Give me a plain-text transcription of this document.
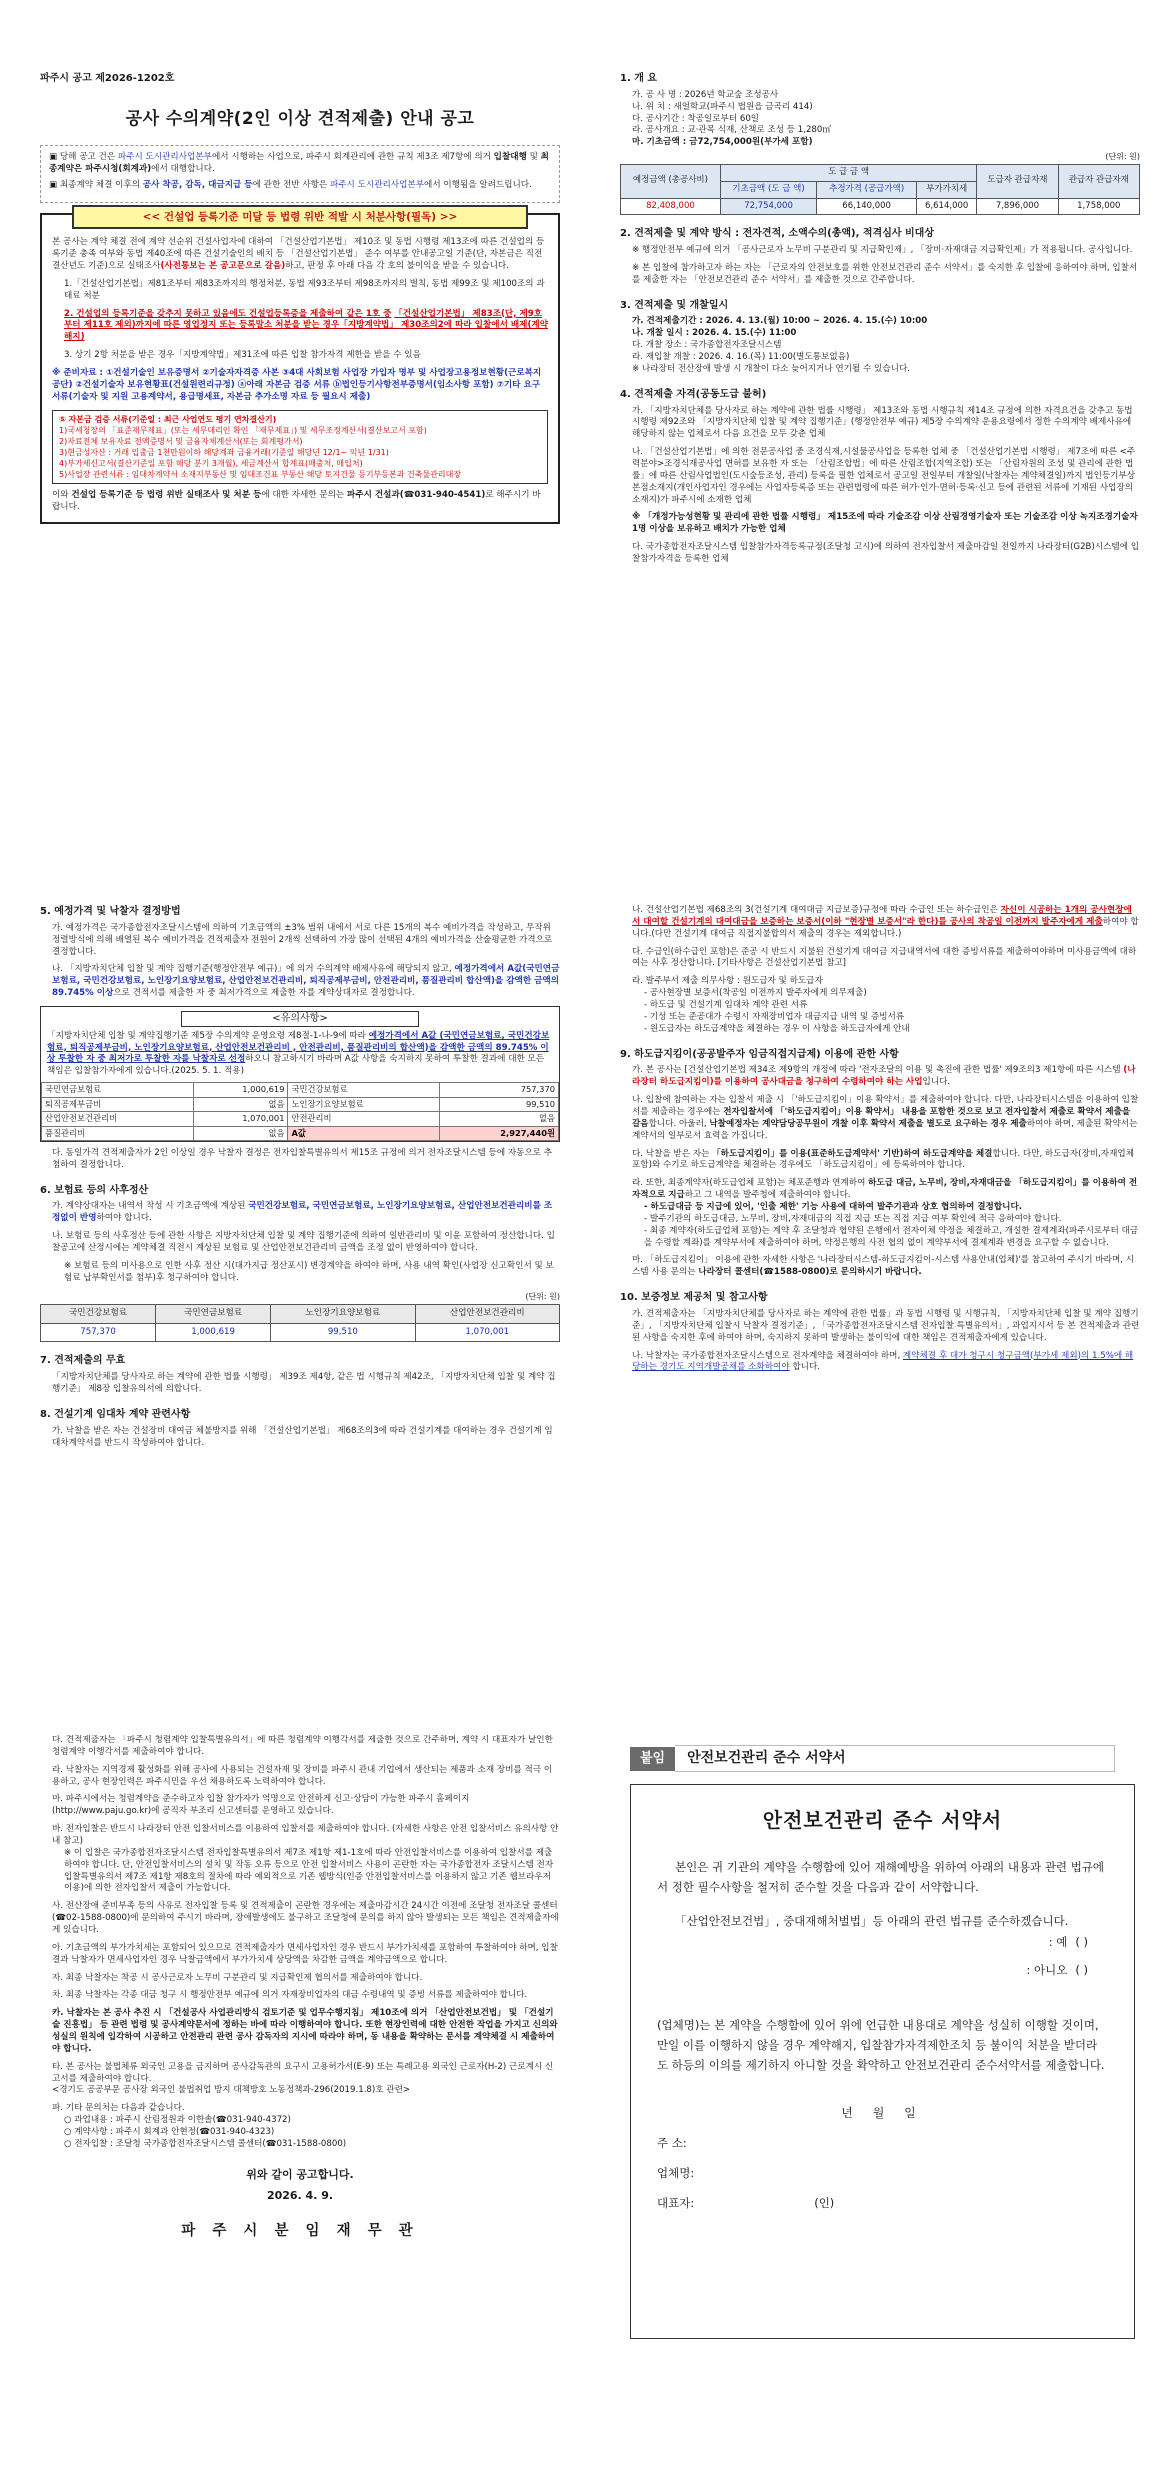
파주시 공고 제2026-1202호
공사 수의계약(2인 이상 견적제출) 안내 공고

▣ 당해 공고 건은 파주시 도시관리사업본부에서 시행하는 사업으로, 파주시 회계관리에 관한 규칙 제3조 제7항에 의거 입찰대행 및 최종계약은 파주시청(회계과)에서 대행합니다.

▣ 최종계약 체결 이후의 공사 착공, 감독, 대금지급 등에 관한 전반 사항은 파주시 도시관리사업본부에서 이행됨을 알려드립니다.

<< 건설업 등록기준 미달 등 법령 위반 적발 시 처분사항(필독) >>

본 공사는 계약 체결 전에 계약 선순위 건설사업자에 대하여 「건설산업기본법」 제10조 및 동법 시행령 제13조에 따른 건설업의 등록기준 충족 여부와 동법 제40조에 따른 건설기술인의 배치 등 「건설산업기본법」 준수 여부를 안내공고일 기준(단, 자본금은 직전결산년도 기준)으로 실태조사(사전통보는 본 공고문으로 갈음)하고, 판정 후 아래 다음 각 호의 불이익을 받을 수 있습니다.

1.「건설산업기본법」제81조부터 제83조까지의 행정처분, 동법 제93조부터 제98조까지의 벌칙, 동법 제99조 및 제100조의 과태료 처분

2. 건설업의 등록기준을 갖추지 못하고 있음에도 건설업등록증을 제출하여 같은 1호 중 「건설산업기본법」 제83조(단, 제9호부터 제11호 제외)까지에 따른 영업정지 또는 등록말소 처분을 받는 경우「지방계약법」 제30조의2에 따라 입찰에서 배제(계약 해지)

3. 상기 2항 처분을 받은 경우「지방계약법」제31조에 따른 입찰 참가자격 제한을 받을 수 있음

※ 준비자료 : ①건설기술인 보유증명서 ②기술자자격증 사본 ③4대 사회보험 사업장 가입자 명부 및 사업장고용정보현황(근로복지공단) ②건설기술자 보유현황표(건설원련리규정) ⓐ아래 자본금 검증 서류 ⓑ법인등기사항전부증명서(임소사항 포함) ⑦기타 요구서류(기술자 및 지원 고용계약서, 용급명세표, 자본금 추가소명 자료 등 필요시 제출)

⑤ 자본금 검증 서류(기준일 : 최근 사업연도 평기 연차결산기)
1)국세청장의 「표준재무제표」(또는 세무대리인 확인 「재무제표」) 및 세무조정계산서(결산보고서 포함)
2)자료전체 보유자료 전액증명서 및 금융자체계산서(또는 회계평가서)
3)현금성자산 : 거래 입출금 1천만원이하 해당계좌 금융거래(기준일 해당년 12/1~ 익년 1/31)
4)부가세신고서(결산기준일 포함 해당 분기 3개월), 세금계산서 합계표(매출처, 매입처)
5)사업장 관련서류 : 임대차계약서 소재지부동산 및 임대조건표 부동산 해당 토지건물 등기부등본과 건축물관리대장

이와 건설업 등록기준 등 법령 위반 실태조사 및 처분 등에 대한 자세한 문의는 파주시 건설과(☎031-940-4541)로 해주시기 바랍니다.

1. 개 요
가. 공 사 명 : 2026년 학교숲 조성공사
나. 위 치 : 새얼학교(파주시 법원읍 금곡리 414)
다. 공사기간 : 착공일로부터 60일
라. 공사개요 : 교·관목 식재, 산책로 조성 등 1,280㎡
마. 기초금액 : 금72,754,000원(부가세 포함)
(단위: 원)
예정금액 (총공사비)	도 급 금 액			도급자 관급자재	관급자 관급자재
	기초금액 (도 급 액)	추정가격 (공급가액)	부가가치세		
82,408,000	72,754,000	66,140,000	6,614,000	7,896,000	1,758,000
2. 견적제출 및 계약 방식 : 전자견적, 소액수의(총액), 적격심사 비대상

※ 행정안전부 예규에 의거 「공사근로자 노무비 구분관리 및 지급확인제」, 「장비·자재대금 지급확인제」가 적용됩니다. 공사입니다.

※ 본 입찰에 참가하고자 하는 자는 「근로자의 안전보호를 위한 안전보건관리 준수 서약서」를 숙지한 후 입찰에 응하여야 하며, 입찰서를 제출한 자는 「안전보건관리 준수 서약서」를 제출한 것으로 간주합니다.

3. 견적제출 및 개찰일시
가. 견적제출기간 : 2026. 4. 13.(월) 10:00 ~ 2026. 4. 15.(수) 10:00
나. 개찰 일시 : 2026. 4. 15.(수) 11:00
다. 개찰 장소 : 국가종합전자조달시스템
라. 재입찰 개찰 : 2026. 4. 16.(목) 11:00(별도통보없음)
※ 나라장터 전산장애 발생 시 개찰이 다소 늦어지거나 연기될 수 있습니다.
4. 견적제출 자격(공동도급 불허)

가. 「지방자치단체를 당사자로 하는 계약에 관한 법률 시행령」 제13조와 동법 시행규칙 제14조 규정에 의한 자격요건을 갖추고 동법 시행령 제92조와 「지방자치단체 입찰 및 계약 집행기준」(행정안전부 예규) 제5장 수의계약 운용요령에서 정한 수의계약 배제사유에 해당하지 않는 업체로서 다음 요건을 모두 갖춘 업체

나. 「건설산업기본법」에 의한 전문공사업 중 조경식재,시설물공사업을 등록한 업체 중 「건설산업기본법 시행령」 제7조에 따른 <주력분야>조경식재공사업 면허를 보유한 자 또는 「산림조합법」에 따른 산림조합(지역조합) 또는 「산림자원의 조성 및 관리에 관한 법률」에 따른 산림사업법인(도시숲등조성, 관리) 등록을 필한 업체로서 공고일 전일부터 개찰일(낙찰자는 계약체결일)까지 법인등기부상 본점소재지(개인사업자인 경우에는 사업자등록증 또는 관련법령에 따른 허가·인가·면허·등록·신고 등에 관련된 서류에 기재된 사업장의 소재지)가 파주시에 소재한 업체

※ 「개정가능성현황 및 관리에 관한 법률 시행령」 제15조에 따라 기술조감 이상 산림경영기술자 또는 기술조감 이상 녹지조경기술자 1명 이상을 보유하고 배치가 가능한 업체

다. 국가종합전자조달시스템 입찰참가자격등록규정(조달청 고시)에 의하여 전자입찰서 제출마감일 전일까지 나라장터(G2B)시스템에 입찰참가자격을 등록한 업체

5. 예정가격 및 낙찰자 결정방법

가. 예정가격은 국가종합전자조달시스템에 의하여 기초금액의 ±3% 범위 내에서 서로 다른 15개의 복수 예비가격을 작성하고, 무작위 정렬방식에 의해 배열된 복수 예비가격을 견적제출자 전원이 2개씩 선택하여 가장 많이 선택된 4개의 예비가격을 산술평균한 가격으로 결정합니다.

나. 「지방자치단체 입찰 및 계약 집행기준(행정안전부 예규)」에 의거 수의계약 배제사유에 해당되지 않고, 예정가격에서 A값(국민연금보험료, 국민건강보험료, 노인장기요양보험료, 산업안전보건관리비, 퇴직공제부금비, 안전관리비, 품질관리비 합산액)을 감액한 금액의 89.745% 이상으로 견적서를 제출한 자 중 최저가격으로 제출한 자를 계약상대자로 결정합니다.

<유의사항>

「지방자치단체 입찰 및 계약집행기준 제5장 수의계약 운영요령 제8절-1-나-9에 따라 예정가격에서 A값 (국민연금보험료, 국민건강보험료, 퇴직공제부금비, 노인장기요양보험료, 산업안전보건관리비 , 안전관리비, 품질관리비의 합산액)을 감액한 금액의 89.745% 이상 투찰한 자 중 최저가로 투찰한 자를 낙찰자로 선정하오니 참고하시기 바라며 A값 사항을 숙지하지 못하여 투찰한 결과에 대한 모든 책임은 입찰참가자에게 있습니다.(2025. 5. 1. 적용)

국민연금보험료	1,000,619	국민건강보험료	757,370
퇴직공제부금비	없음	노인장기요양보험료	99,510
산업안전보건관리비	1,070,001	안전관리비	없음
품질관리비	없음	A값	2,927,440원

다. 동일가격 견적제출자가 2인 이상일 경우 낙찰자 결정은 전자입찰특별유의서 제15조 규정에 의거 전자조달시스템 등에 자동으로 추첨하여 결정합니다.

6. 보험료 등의 사후정산

가. 계약상대자는 내역서 작성 시 기초금액에 계상된 국민건강보험료, 국민연금보험료, 노인장기요양보험료, 산업안전보건관리비를 조정없이 반영하여야 합니다.

나. 보험료 등의 사후정산 등에 관한 사항은 지방자치단체 입찰 및 계약 집행기준에 의하여 일반관리비 및 이윤 포함하여 정산합니다. 입찰공고에 산정시에는 계약체결 직전시 계상된 보험료 및 산업안전보건관리비 금액을 조정 없이 반영하여야 합니다.

※ 보험료 등의 미사용으로 인한 사후 정산 시(대가지급 정산포시) 변경계약을 하여야 하며, 사용 내역 확인(사업장 신고확인서 및 보험료 납부확인서를 첨부)후 청구하여야 합니다.

(단위: 원)
국민건강보험료	국민연금보험료	노인장기요양보험료	산업안전보건관리비
757,370	1,000,619	99,510	1,070,001
7. 견적제출의 무효

「지방자치단체를 당사자로 하는 계약에 관한 법률 시행령」 제39조 제4항, 같은 법 시행규칙 제42조, 「지방자치단체 입찰 및 계약 집행기준」 제8장 입찰유의서에 의합니다.

8. 건설기계 임대차 계약 관련사항

가. 낙찰을 받은 자는 건설장비 대여금 체불방지를 위해 「건설산업기본법」 제68조의3에 따라 건설기계를 대여하는 경우 건설기계 임대차계약서를 반드시 작성하여야 합니다.

나. 건설산업기본법 제68조의 3(건설기계 대여대금 지급보증)규정에 따라 수급인 또는 하수급인은 자신이 시공하는 1개의 공사현장에서 대여할 건설기계의 대여대금을 보증하는 보증서(이하 "현장별 보증서"라 한다)를 공사의 착공일 이전까지 발주자에게 제출하여야 합니다.(다만 건설기계 대여금 직접지불합의서 제출의 경우는 제외합니다.)

다. 수급인(하수급인 포함)은 준공 시 반드시 지불된 건설기계 대여금 지급내역서에 대한 증빙서류를 제출하여야하며 미사용금액에 대하여는 사후 정산합니다. [기타사항은 건설산업기본법 참고]

라. 발주부서 제출 의무사항 : 원도급자 및 하도급자

- 공사현장별 보증서(착공일 이전까지 발주자에게 의무제출)
- 하도급 및 건설기계 임대차 계약 관련 서류
- 기성 또는 준공대가 수령시 자재장비업자 대금지급 내역 및 증빙서류
- 원도급자는 하도급계약을 체결하는 경우 이 사항을 하도급자에게 안내
9. 하도급지킴이(공공발주자 임금직접지급제) 이용에 관한 사항

가. 본 공사는 [건설산업기본법 제34조 제9항의 개정에 따라 '전자조달의 이용 및 촉진에 관한 법률' 제9조의3 제1항에 따른 시스템 (나라장터 하도급지킴이)를 이용하여 공사대금을 청구하여 수령하여야 하는 사업입니다.

나. 입찰에 참여하는 자는 입찰서 제출 시 「'하도급지킴이」이용 확약서」를 제출하여야 합니다. 다만, 나라장터시스템을 이용하여 입찰서를 제출하는 경우에는 전자입찰서에 「'하도급지킴이」이용 확약서」 내용을 포함한 것으로 보고 전자입찰서 제출로 확약서 제출을 갈음합니다. 아울러, 낙찰예정자는 계약담당공무원이 개찰 이후 확약서 제출을 별도로 요구하는 경우 제출하여야 하며, 제출된 확약서는 계약서의 일부로서 효력을 가집니다.

다. 낙찰을 받은 자는 「하도급지킴이」를 이용(표준하도급계약서' 기반)하여 하도급계약을 체결합니다. 다만, 하도급자(장비,자재업체 포함)와 수기로 하도급계약을 체결하는 경우에도 「하도급지킴이」에 등록하여야 합니다.

라. 또한, 최종계약자(하도급업체 포함)는 체포준행과 연계하여 하도급 대금, 노무비, 장비,자재대금을 「하도급지킴이」를 이용하여 전자적으로 지급하고 그 내역을 발주청에 제출하여야 합니다.

- 하도급대금 등 지급에 있어, '인출 제한' 기능 사용에 대하여 발주기관과 상호 협의하여 결정합니다.
- 발주기관의 하도급대금, 노무비, 장비,자재대금의 직접 지급 또는 직접 지급 여부 확인에 적극 응하여야 합니다.
- 최종 계약자(하도급업체 포함)는 계약 후 조달청과 협약된 은행에서 전자이체 약정을 체결하고, 개설한 결제계좌(파주시로부터 대금을 수령할 계좌)를 계약부서에 제출하여야 하며, 약정은행의 사전 협의 없이 계약부서에 결제계좌 변경을 요구할 수 없습니다.

마. 「하도급지킴이」 이용에 관한 자세한 사항은 '나라장터시스템-하도급지킴이-시스템 사용안내(업체)'를 참고하여 주시기 바라며, 시스템 사용 문의는 나라장터 콜센터(☎1588-0800)로 문의하시기 바랍니다.

10. 보증정보 제공처 및 참고사항

가. 견적제출자는 「지방자치단체를 당사자로 하는 계약에 관한 법률」과 동법 시행령 및 시행규칙, 「지방자치단체 입찰 및 계약 집행기준」, 「지방자치단체 입찰시 낙찰자 결정기준」, 「국가종합전자조달시스템 전자입찰 특별유의서」, 과업지시서 등 본 견적제출과 관련된 사항을 숙지한 후에 하여야 하며, 숙지하지 못하여 발생하는 불이익에 대한 책임은 견적제출자에게 있습니다.

나. 낙찰자는 국가종합전자조달시스템으로 전자계약을 체결하여야 하며, 계약체결 후 대가 청구시 청구금액(부가세 제외)의 1.5%에 해당하는 경기도 지역개발공채를 소화하여야 합니다.

다. 견적제출자는 「파주시 청렴계약 입찰특별유의서」에 따른 청렴계약 이행각서를 제출한 것으로 간주하며, 계약 시 대표자가 날인한 청렴계약 이행각서를 제출하여야 합니다.

라. 낙찰자는 지역경제 활성화를 위해 공사에 사용되는 건설자재 및 장비를 파주시 관내 기업에서 생산되는 제품과 소재 장비를 적극 이용하고, 공사 현장인력은 파주시민을 우선 채용하도록 노력하여야 합니다.

마. 파주시에서는 청렴계약을 준수하고자 입찰 참가자가 억명으로 안전하게 신고·상담이 가능한 파주시 홈페이지(http://www.paju.go.kr)에 공직자 부조리 신고센터를 운영하고 있습니다.

바. 전자입찰은 반드시 나라장터 안전 입찰서비스를 이용하여 입찰서를 제출하여야 합니다. (자세한 사항은 안전 입찰서비스 유의사항 안내 참고)

※ 이 입찰은 국가종합전자조달시스템 전자입찰특별유의서 제7조 제1항 제1-1호에 따라 안전입찰서비스를 이용하여 입찰서를 제출하여야 합니다. 단, 안전입찰서비스의 설치 및 작동 오류 등으로 안전 입찰서비스 사용이 곤란한 자는 국가종합전자 조달시스템 전자입찰특별유의서 제7조 제1항 제8호의 절차에 따라 예외적으로 기존 웹방식(인증 안전입찰서비스를 이용하지 않고 기존 웹브라우저 이용)에 의한 전자입찰서 제출이 가능합니다.

사. 전산장애 준비부족 등의 사유로 전자입찰 등록 및 견적제출이 곤란한 경우에는 제출마감시간 24시간 이전에 조달청 전자조달 콜센터(☎02-1588-0800)에 문의하여 주시기 바라며, 장애발생에도 불구하고 조달청에 문의를 하지 않아 발생되는 모든 책임은 견적제출자에게 있습니다.

아. 기초금액의 부가가치세는 포함되어 있으므로 견적제출자가 면세사업자인 경우 반드시 부가가치세를 포함하여 투찰하여야 하며, 입찰결과 낙찰자가 면세사업자인 경우 낙찰금액에서 부가가치세 상당액을 차감한 금액을 계약금액으로 합니다.

자. 최종 낙찰자는 착공 시 공사근로자 노무비 구분관리 및 지급확인제 협의서를 제출하여야 합니다.

차. 최종 낙찰자는 각종 대금 청구 시 행정안전부 예규에 의거 자재장비업자의 대금 수령내역 및 증빙 서류를 제출하여야 합니다.

카. 낙찰자는 본 공사 추진 시 「건설공사 사업관리방식 검토기준 및 업무수행지침」 제10조에 의거 「산업안전보건법」 및 「건설기술 진흥법」 등 관련 법령 및 공사계약문서에 정하는 바에 따라 이행하여야 합니다. 또한 현장인력에 대한 안전한 작업을 가지고 신의와 성실의 원칙에 입각하여 시공하고 안전관리 관련 공사 감독자의 지시에 따라야 하며, 동 내용을 확약하는 문서를 계약체결 시 제출하여야 합니다.

타. 본 공사는 불법체류 외국인 고용을 금지하며 공사감독관의 요구시 고용허가서(E-9) 또는 특례고용 외국인 근로자(H-2) 근로계시 신고서를 제출하여야 합니다.

<경기도 공공부문 공사장 외국인 불법취업 방지 대책방호 노동정책과-296(2019.1.8)호 관련>

파. 기타 문의처는 다음과 같습니다.

○ 과업내용 : 파주시 산림정원과 이한솔(☎031-940-4372)
○ 계약사항 : 파주시 회계과 안현정(☎031-940-4323)
○ 전자입찰 : 조달청 국가종합전자조달시스템 콜센터(☎031-1588-0800)
위와 같이 공고합니다.
2026. 4. 9.
파 주 시 분 임 재 무 관
붙임 안전보건관리 준수 서약서
안전보건관리 준수 서약서

본인은 귀 기관의 계약을 수행함에 있어 재해예방을 위하여 아래의 내용과 관련 법규에서 정한 필수사항을 철저히 준수할 것을 다음과 같이 서약합니다.

「산업안전보건법」, 중대재해처벌법」등 아래의 관련 법규를 준수하겠습니다.

: 예 ( )
: 아니오 ( )

(업체명)는 본 계약을 수행함에 있어 위에 언급한 내용대로 계약을 성실히 이행할 것이며, 만일 이를 이행하지 않을 경우 계약해지, 입찰참가자격제한조치 등 불이익 처분을 받더라도 하등의 이의를 제기하지 아니할 것을 확약하고 안전보건관리 준수서약서를 제출합니다.

년 월 일
주 소:
업체명:
대표자:	(인)
